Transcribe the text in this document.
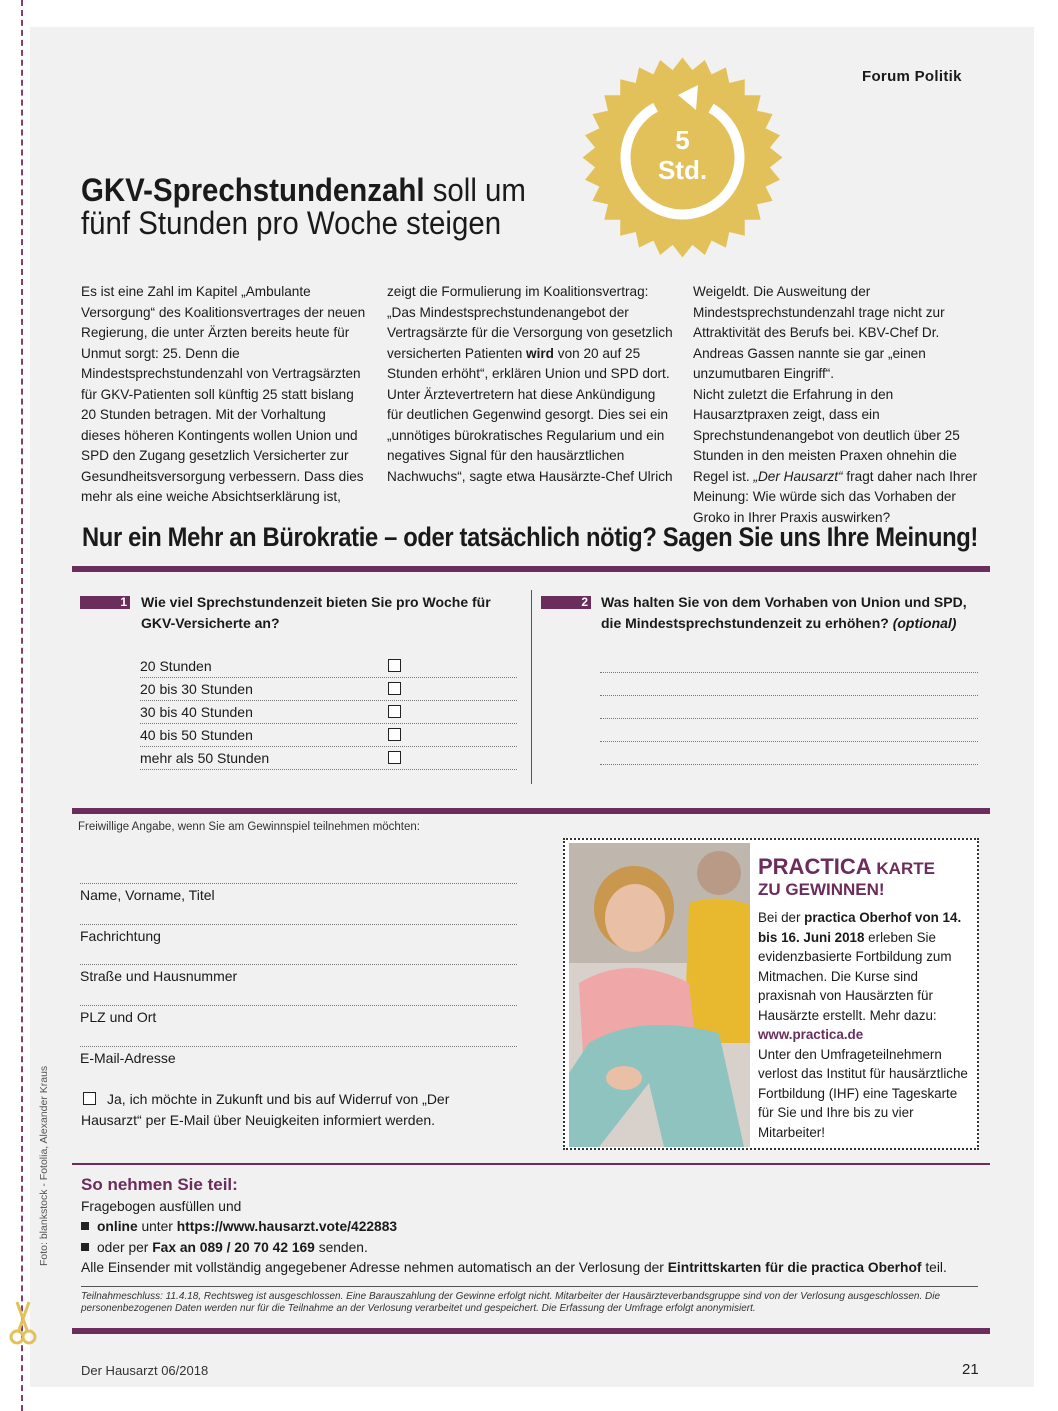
Forum Politik
5
Std.
GKV-Sprechstundenzahl soll um
fünf Stunden pro Woche steigen
Es ist eine Zahl im Kapitel „Ambulante Versorgung“ des Koalitionsvertrages der neuen Regierung, die unter Ärzten bereits heute für Unmut sorgt: 25. Denn die Mindestsprechstundenzahl von Vertragsärzten für GKV-Patienten soll künftig 25 statt bislang 20 Stunden betragen. Mit der Vorhaltung dieses höheren Kontingents wollen Union und SPD den Zugang gesetzlich Versicherter zur Gesundheitsversorgung verbessern. Dass dies mehr als eine weiche Absichtserklärung ist,
zeigt die Formulierung im Koalitionsvertrag: „Das Mindestsprechstundenangebot der Vertragsärzte für die Versorgung von gesetzlich versicherten Patienten wird von 20 auf 25 Stunden erhöht“, erklären Union und SPD dort.
Unter Ärztevertretern hat diese Ankündigung für deutlichen Gegenwind gesorgt. Dies sei ein „unnötiges bürokratisches Regularium und ein negatives Signal für den hausärztlichen Nachwuchs“, sagte etwa Hausärzte-Chef Ulrich
Weigeldt. Die Ausweitung der Mindestsprechstundenzahl trage nicht zur Attraktivität des Berufs bei. KBV-Chef Dr. Andreas Gassen nannte sie gar „einen unzumutbaren Eingriff“.
Nicht zuletzt die Erfahrung in den Hausarztpraxen zeigt, dass ein Sprechstundenangebot von deutlich über 25 Stunden in den meisten Praxen ohnehin die Regel ist. „Der Hausarzt“ fragt daher nach Ihrer Meinung: Wie würde sich das Vorhaben der Groko in Ihrer Praxis auswirken?
Nur ein Mehr an Bürokratie – oder tatsächlich nötig? Sagen Sie uns Ihre Meinung!
1 Wie viel Sprechstundenzeit bieten Sie pro Woche für GKV-Versicherte an?
20 Stunden
20 bis 30 Stunden
30 bis 40 Stunden
40 bis 50 Stunden
mehr als 50 Stunden
2 Was halten Sie von dem Vorhaben von Union und SPD, die Mindestsprechstundenzeit zu erhöhen? (optional)
Freiwillige Angabe, wenn Sie am Gewinnspiel teilnehmen möchten:
Name, Vorname, Titel
Fachrichtung
Straße und Hausnummer
PLZ und Ort
E-Mail-Adresse
Ja, ich möchte in Zukunft und bis auf Widerruf von „Der Hausarzt“ per E-Mail über Neuigkeiten informiert werden.
PRACTICA KARTE
ZU GEWINNEN!
Bei der practica Oberhof von 14. bis 16. Juni 2018 erleben Sie evidenzbasierte Fortbildung zum Mitmachen. Die Kurse sind praxisnah von Hausärzten für Hausärzte erstellt. Mehr dazu: www.practica.de
Unter den Umfrageteilnehmern verlost das Institut für hausärztliche Fortbildung (IHF) eine Tageskarte für Sie und Ihre bis zu vier Mitarbeiter!
So nehmen Sie teil:
Fragebogen ausfüllen und
online unter https://www.hausarzt.vote/422883
oder per Fax an 089 / 20 70 42 169 senden.
Alle Einsender mit vollständig angegebener Adresse nehmen automatisch an der Verlosung der Eintrittskarten für die practica Oberhof teil.
Teilnahmeschluss: 11.4.18, Rechtsweg ist ausgeschlossen. Eine Barauszahlung der Gewinne erfolgt nicht. Mitarbeiter der Hausärzteverbandsgruppe sind von der Verlosung ausgeschlossen. Die personenbezogenen Daten werden nur für die Teilnahme an der Verlosung verarbeitet und gespeichert. Die Erfassung der Umfrage erfolgt anonymisiert.
Foto: blankstock - Fotolia, Alexander Kraus
Der Hausarzt 06/2018	21
